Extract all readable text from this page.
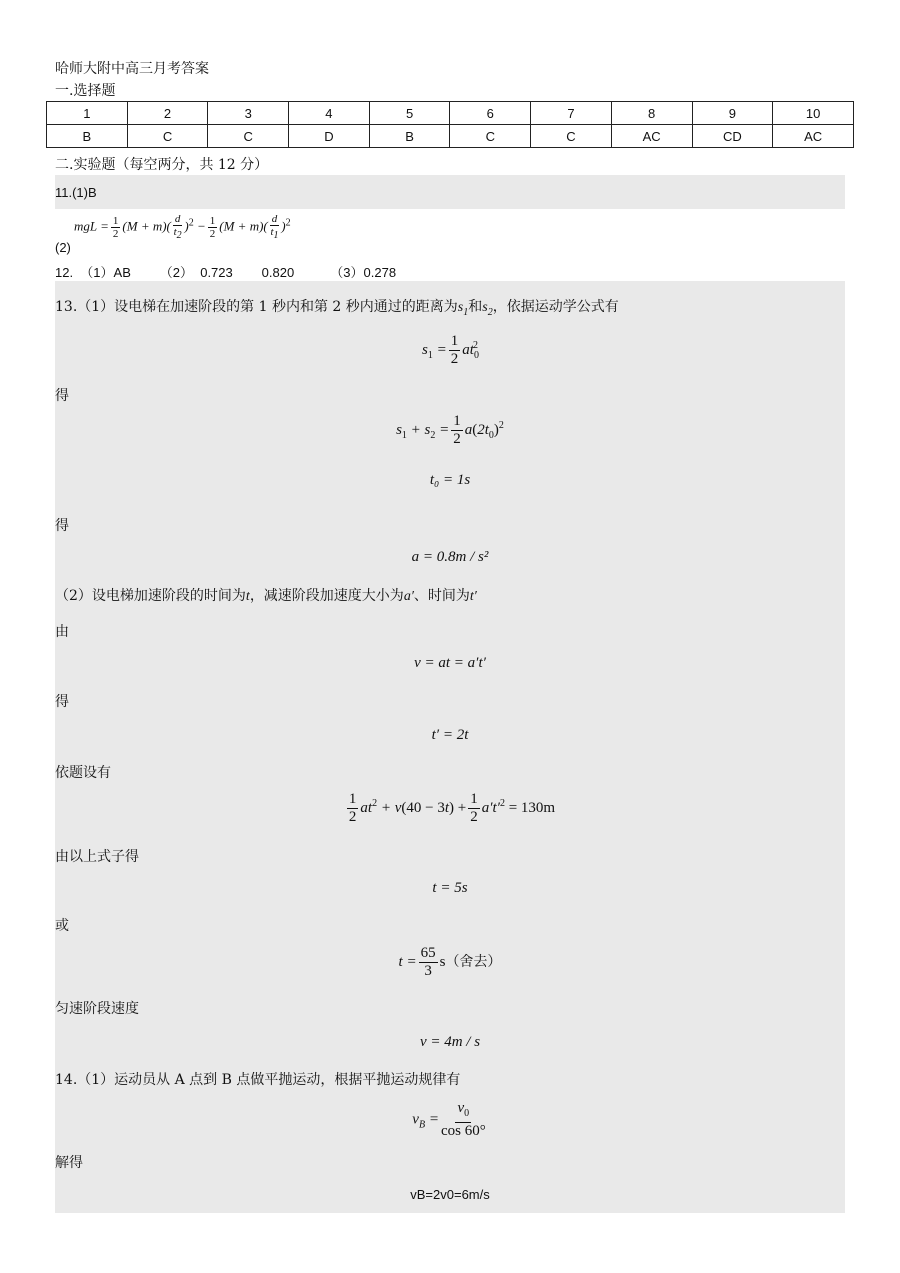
哈师大附中高三月考答案
一.选择题
1	2	3	4	5	6	7	8	9	10
B	C	C	D	B	C	C	AC	CD	AC
二.实验题（每空两分，共 12 分）
11.(1)B
mgL = $\frac{1}{2} (M + m)( \frac{d}{t_2} )^2 - \frac{1}{2} (M + m)( \frac{d}{t_1} )^2$
(2)
12.  （1）AB        （2）  0.723        0.820          （3）0.278
13.（1）设电梯在加速阶段的第 1 秒内和第 2 秒内通过的距离为$s_1$和$s_2$，依据运动学公式有
$s_1 = \frac{1}{2} at_0^2$
得
$s_1 + s_2 = \frac{1}{2} a(2t_0)^2$
t₀ = 1s
得
a = 0.8m / s²
（2）设电梯加速阶段的时间为t，减速阶段加速度大小为a′、时间为t′
由
v = at = a′t′
得
t′ = 2t
依题设有
$\frac{1}{2} at^2 + v(40 - 3t) + \frac{1}{2} a't'^2 = 130m$
由以上式子得
t = 5s
或
$t = \frac{65}{3} s$（舍去）
匀速阶段速度
v = 4m / s
14.（1）运动员从 A 点到 B 点做平抛运动，根据平抛运动规律有
$v_B = \frac{v_0}{\cos 60^\circ}$
解得
vB=2v0=6m/s
